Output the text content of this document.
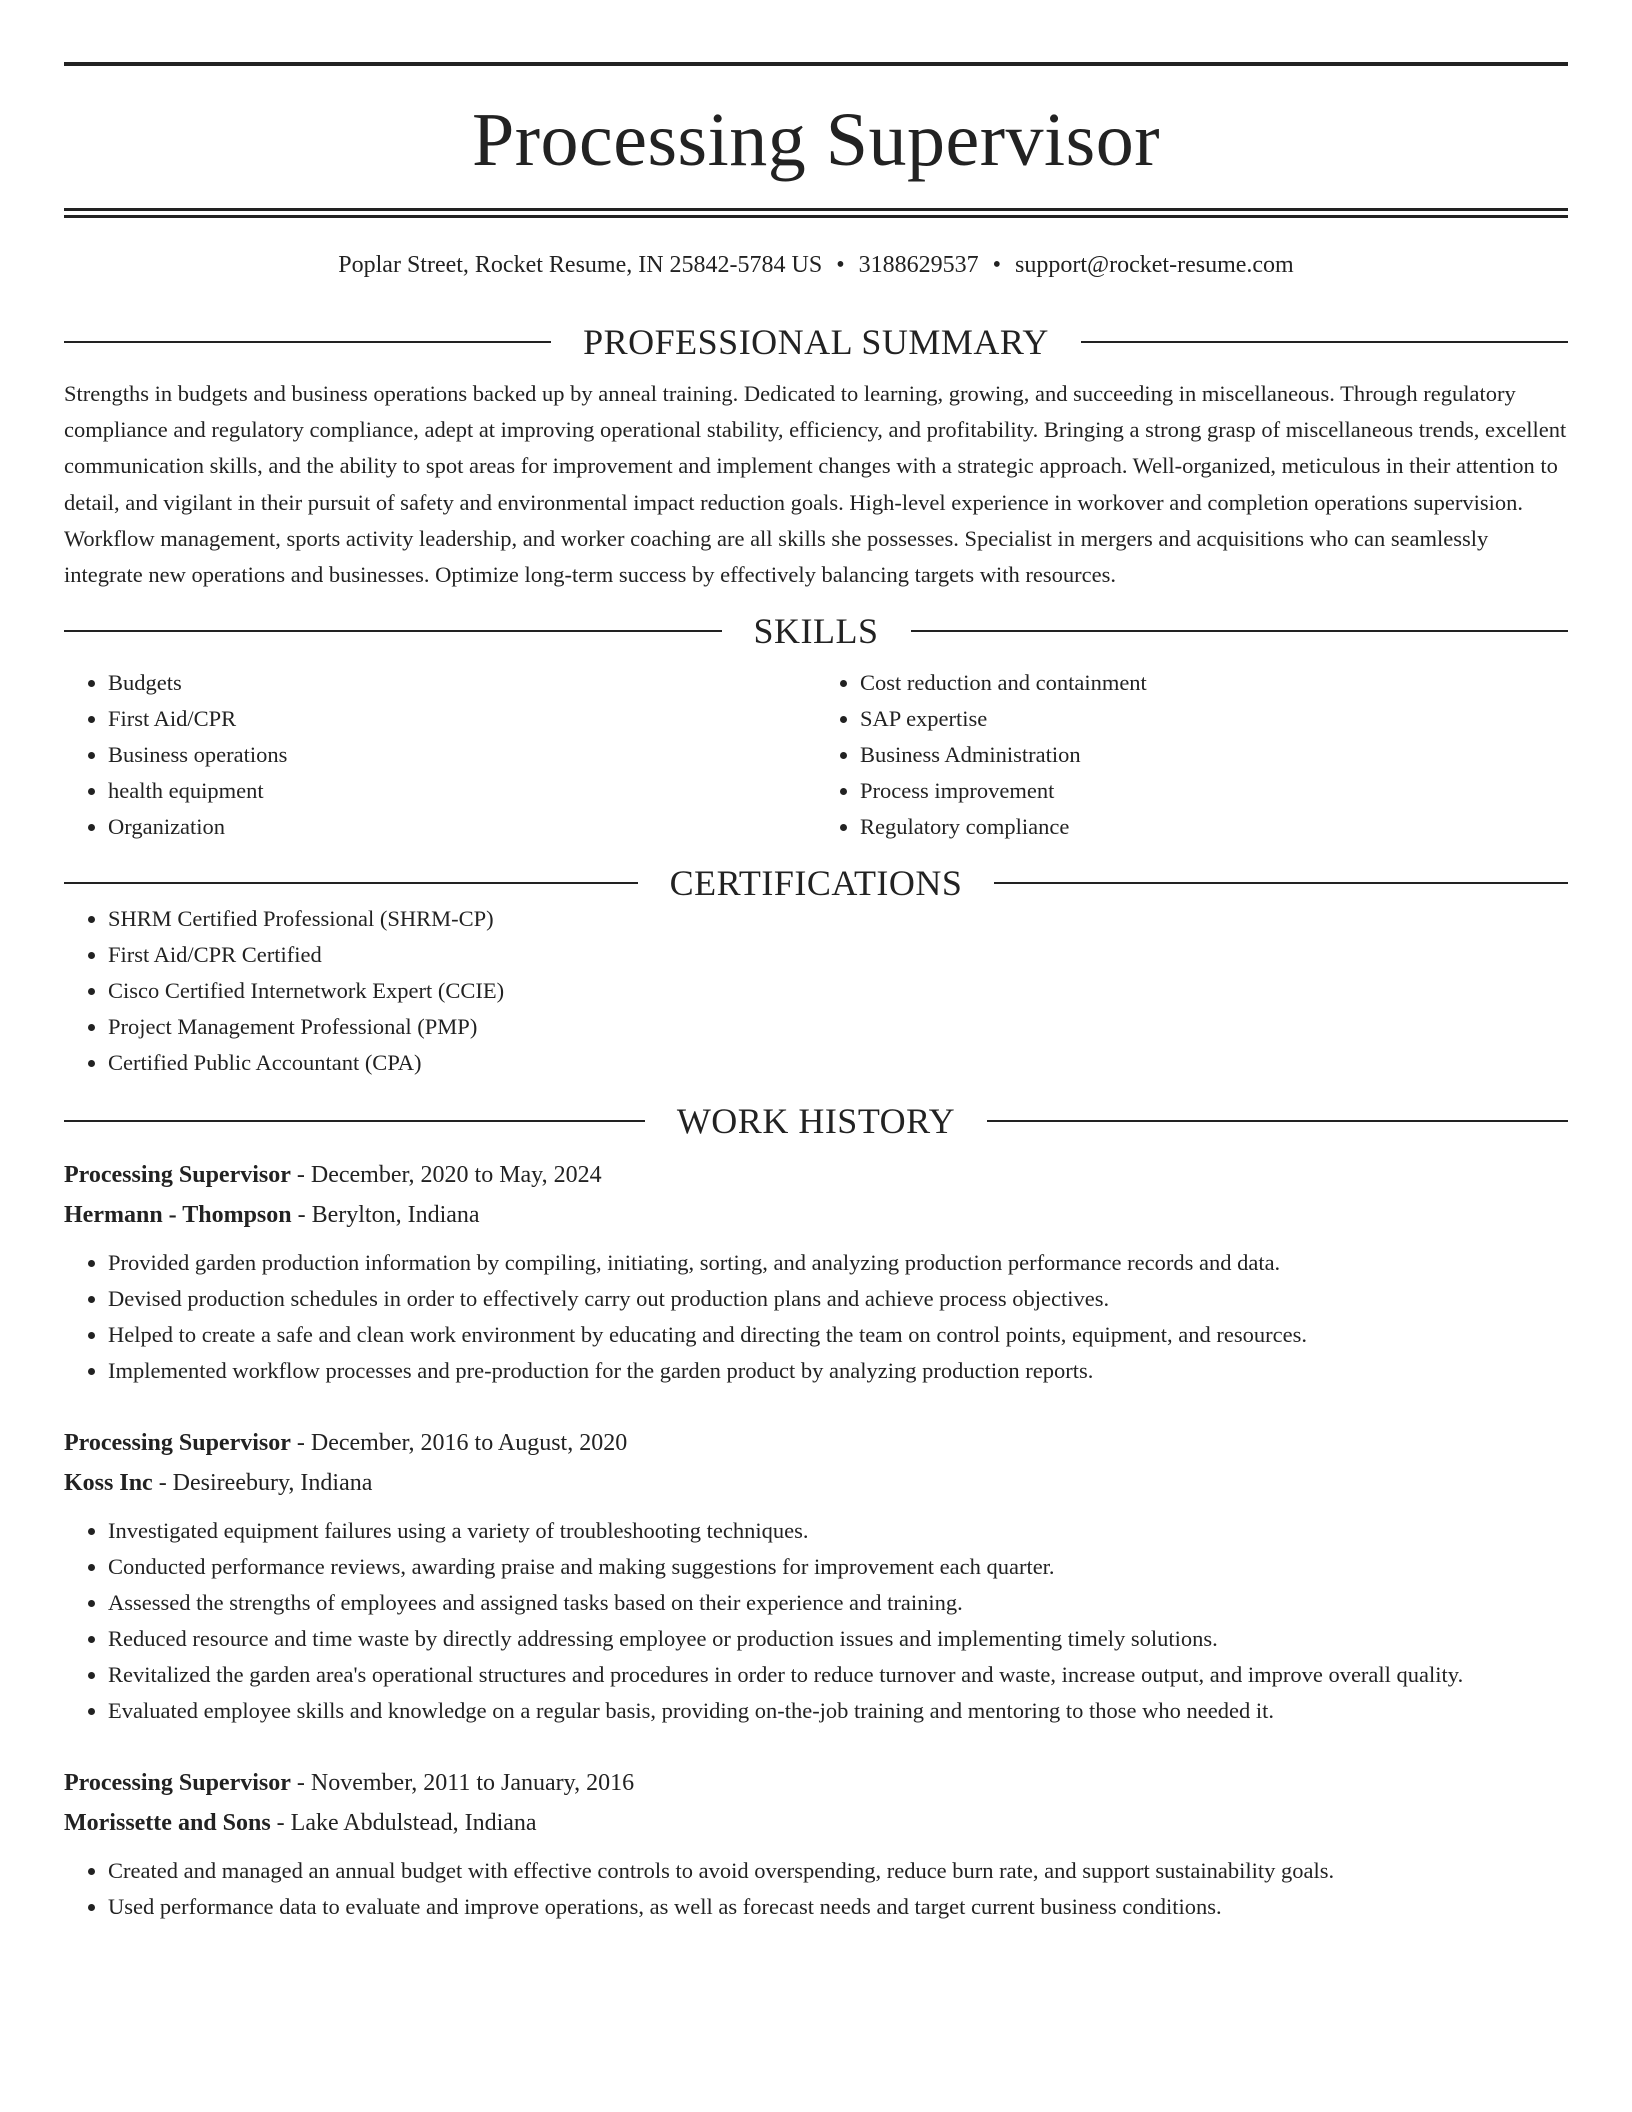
Processing Supervisor
Poplar Street, Rocket Resume, IN 25842-5784 US • 3188629537 • support@rocket-resume.com
PROFESSIONAL SUMMARY

Strengths in budgets and business operations backed up by anneal training. Dedicated to learning, growing, and succeeding in miscellaneous. Through regulatory compliance and regulatory compliance, adept at improving operational stability, efficiency, and profitability. Bringing a strong grasp of miscellaneous trends, excellent communication skills, and the ability to spot areas for improvement and implement changes with a strategic approach. Well-organized, meticulous in their attention to detail, and vigilant in their pursuit of safety and environmental impact reduction goals. High-level experience in workover and completion operations supervision. Workflow management, sports activity leadership, and worker coaching are all skills she possesses. Specialist in mergers and acquisitions who can seamlessly integrate new operations and businesses. Optimize long-term success by effectively balancing targets with resources.

SKILLS
• Budgets
• First Aid/CPR
• Business operations
• health equipment
• Organization
• Cost reduction and containment
• SAP expertise
• Business Administration
• Process improvement
• Regulatory compliance
CERTIFICATIONS
• SHRM Certified Professional (SHRM-CP)
• First Aid/CPR Certified
• Cisco Certified Internetwork Expert (CCIE)
• Project Management Professional (PMP)
• Certified Public Accountant (CPA)
WORK HISTORY
Processing Supervisor - December, 2020 to May, 2024
Hermann - Thompson - Berylton, Indiana
• Provided garden production information by compiling, initiating, sorting, and analyzing production performance records and data.
• Devised production schedules in order to effectively carry out production plans and achieve process objectives.
• Helped to create a safe and clean work environment by educating and directing the team on control points, equipment, and resources.
• Implemented workflow processes and pre-production for the garden product by analyzing production reports.
Processing Supervisor - December, 2016 to August, 2020
Koss Inc - Desireebury, Indiana
• Investigated equipment failures using a variety of troubleshooting techniques.
• Conducted performance reviews, awarding praise and making suggestions for improvement each quarter.
• Assessed the strengths of employees and assigned tasks based on their experience and training.
• Reduced resource and time waste by directly addressing employee or production issues and implementing timely solutions.
• Revitalized the garden area's operational structures and procedures in order to reduce turnover and waste, increase output, and improve overall quality.
• Evaluated employee skills and knowledge on a regular basis, providing on-the-job training and mentoring to those who needed it.
Processing Supervisor - November, 2011 to January, 2016
Morissette and Sons - Lake Abdulstead, Indiana
• Created and managed an annual budget with effective controls to avoid overspending, reduce burn rate, and support sustainability goals.
• Used performance data to evaluate and improve operations, as well as forecast needs and target current business conditions.
